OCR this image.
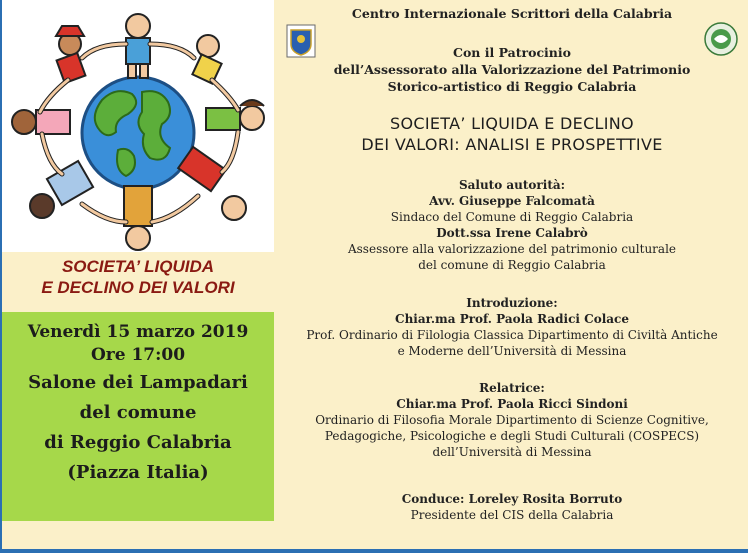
SOCIETA’ LIQUIDA
E DECLINO DEI VALORI
Venerdì 15 marzo 2019
Ore 17:00
Salone dei Lampadari
del comune
di Reggio Calabria
(Piazza Italia)
Centro Internazionale Scrittori della Calabria
Con il Patrocinio
dell’Assessorato alla Valorizzazione del Patrimonio
Storico-artistico di Reggio Calabria
SOCIETA’ LIQUIDA E DECLINO
DEI VALORI: ANALISI E PROSPETTIVE
Saluto autorità:
Avv. Giuseppe Falcomatà
Sindaco del Comune di Reggio Calabria
Dott.ssa Irene Calabrò
Assessore alla valorizzazione del patrimonio culturale
del comune di Reggio Calabria
Introduzione:
Chiar.ma Prof. Paola Radici Colace
Prof. Ordinario di Filologia Classica Dipartimento di Civiltà Antiche
e Moderne dell’Università di Messina
Relatrice:
Chiar.ma Prof. Paola Ricci Sindoni
Ordinario di Filosofia Morale Dipartimento di Scienze Cognitive,
Pedagogiche, Psicologiche e degli Studi Culturali (COSPECS)
dell’Università di Messina
Conduce: Loreley Rosita Borruto
Presidente del CIS della Calabria
